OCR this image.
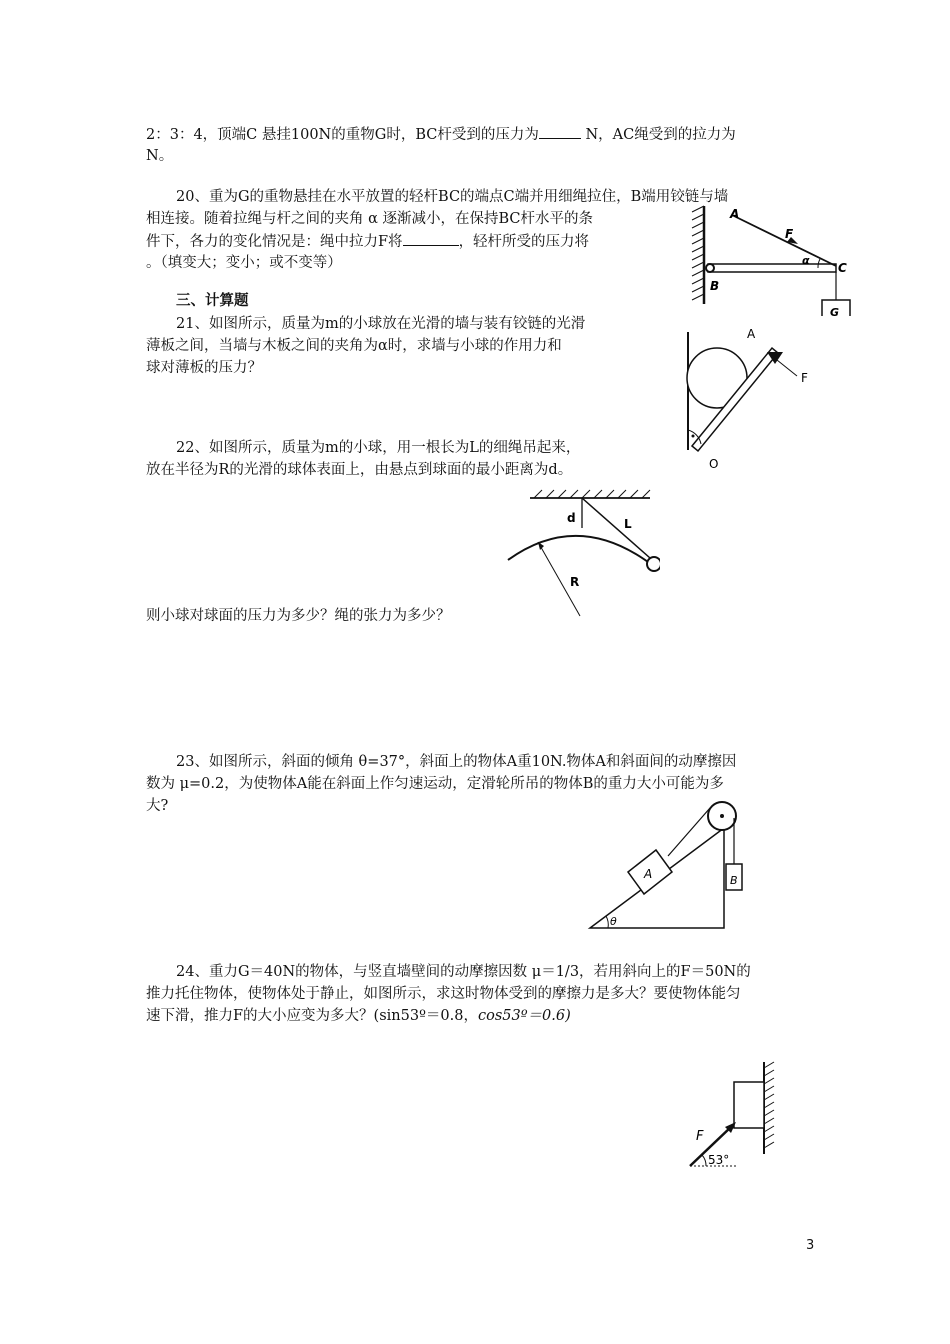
2：3：4，顶端C 悬挂100N的重物G时，BC杆受到的压力为	N，AC绳受到的拉力为
N。
20、重为G的重物悬挂在水平放置的轻杆BC的端点C端并用细绳拉住，B端用铰链与墙
相连接。随着拉绳与杆之间的夹角 α 逐渐减小，在保持BC杆水平的条
件下，各力的变化情况是：绳中拉力F将	，轻杆所受的压力将
。（填变大；变小；或不变等）
三、计算题
21、如图所示，质量为m的小球放在光滑的墙与装有铰链的光滑
薄板之间，当墙与木板之间的夹角为α时，求墙与小球的作用力和
球对薄板的压力？
22、如图所示，质量为m的小球，用一根长为L的细绳吊起来，
放在半径为R的光滑的球体表面上，由悬点到球面的最小距离为d。
则小球对球面的压力为多少？绳的张力为多少？
23、如图所示，斜面的倾角 θ=37°，斜面上的物体A重10N.物体A和斜面间的动摩擦因
数为 μ=0.2，为使物体A能在斜面上作匀速运动，定滑轮所吊的物体B的重力大小可能为多
大?
24、重力G＝40N的物体，与竖直墙壁间的动摩擦因数 μ＝1/3，若用斜向上的F＝50N的
推力托住物体，使物体处于静止，如图所示，求这时物体受到的摩擦力是多大？要使物体能匀
速下滑，推力F的大小应变为多大？(sin53º＝0.8，cos53º＝0.6)
3
A
F
α
C
B
G
A
F
O
d	L
R
A	B
θ
F
53°
